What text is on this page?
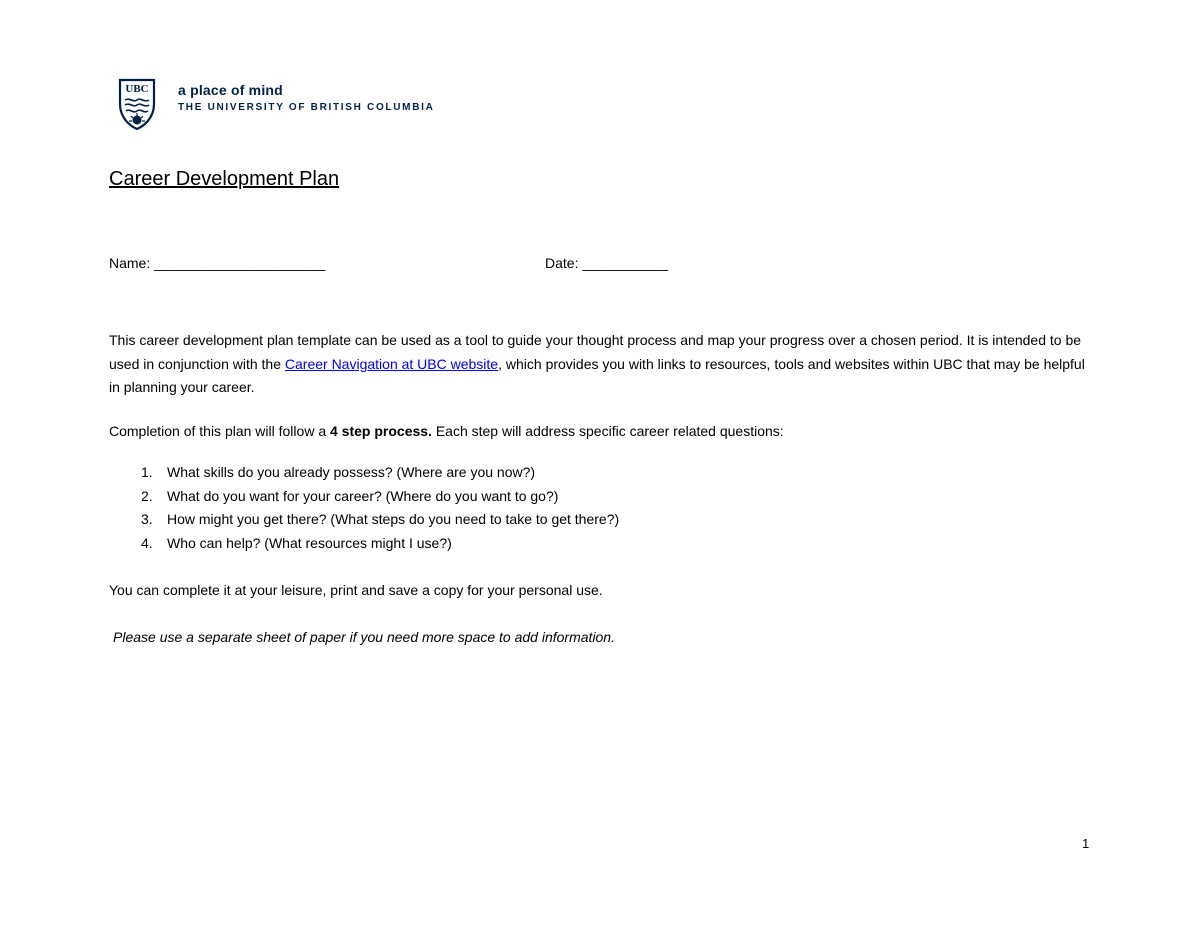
UBC a place of mind
THE UNIVERSITY OF BRITISH COLUMBIA
Career Development Plan
Name: ______________________	Date: ___________

This career development plan template can be used as a tool to guide your thought process and map your progress over a chosen period. It is intended to be used in conjunction with the Career Navigation at UBC website, which provides you with links to resources, tools and websites within UBC that may be helpful in planning your career.

Completion of this plan will follow a 4 step process. Each step will address specific career related questions:
1.	What skills do you already possess? (Where are you now?)
2.	What do you want for your career? (Where do you want to go?)
3.	How might you get there? (What steps do you need to take to get there?)
4.	Who can help? (What resources might I use?)
You can complete it at your leisure, print and save a copy for your personal use.
Please use a separate sheet of paper if you need more space to add information.
1
